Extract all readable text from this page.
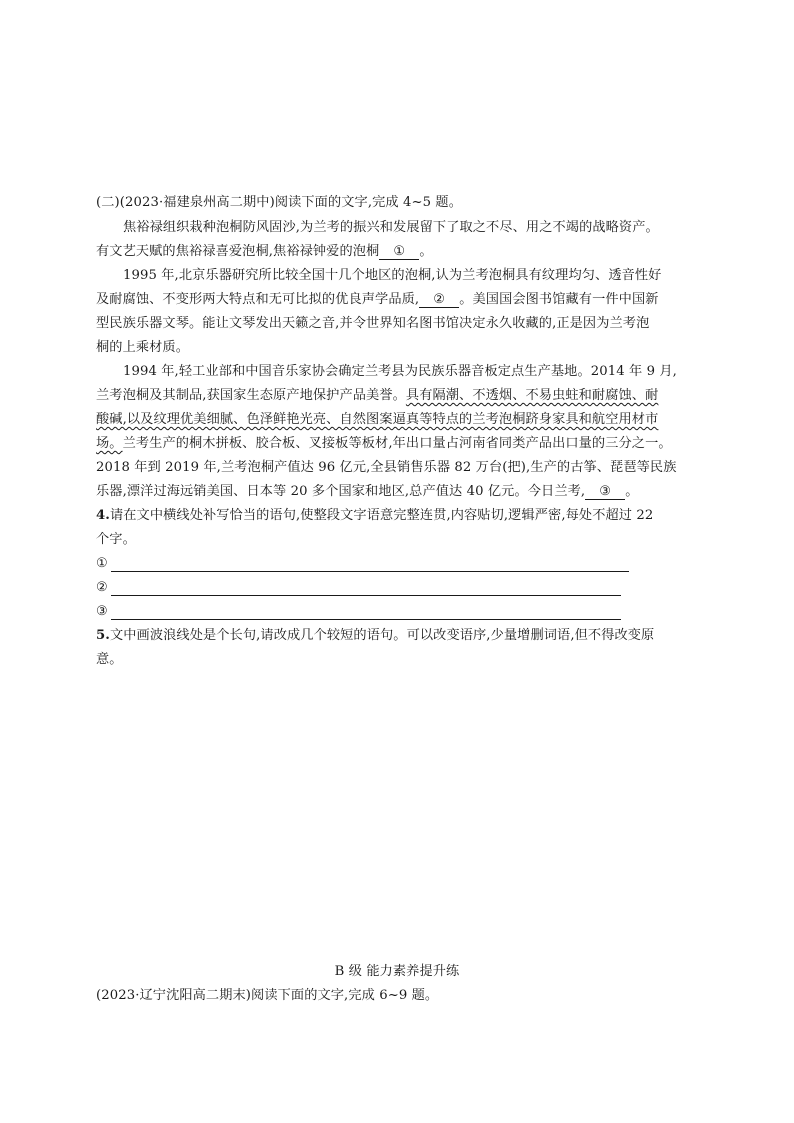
(二)(2023·福建泉州高二期中)阅读下面的文字,完成 4~5 题。
焦裕禄组织栽种泡桐防风固沙,为兰考的振兴和发展留下了取之不尽、用之不竭的战略资产。
有文艺天赋的焦裕禄喜爱泡桐,焦裕禄钟爱的泡桐 ① 。
1995 年,北京乐器研究所比较全国十几个地区的泡桐,认为兰考泡桐具有纹理均匀、透音性好
及耐腐蚀、不变形两大特点和无可比拟的优良声学品质, ② 。美国国会图书馆藏有一件中国新
型民族乐器文琴。能让文琴发出天籁之音,并令世界知名图书馆决定永久收藏的,正是因为兰考泡
桐的上乘材质。
1994 年,轻工业部和中国音乐家协会确定兰考县为民族乐器音板定点生产基地。2014 年 9 月,
兰考泡桐及其制品,获国家生态原产地保护产品美誉。具有隔潮、不透烟、不易虫蛀和耐腐蚀、耐
酸碱,以及纹理优美细腻、色泽鲜艳光亮、自然图案逼真等特点的兰考泡桐跻身家具和航空用材市
场。兰考生产的桐木拼板、胶合板、叉接板等板材,年出口量占河南省同类产品出口量的三分之一。
2018 年到 2019 年,兰考泡桐产值达 96 亿元,全县销售乐器 82 万台(把),生产的古筝、琵琶等民族
乐器,漂洋过海远销美国、日本等 20 多个国家和地区,总产值达 40 亿元。今日兰考, ③ 。
4.请在文中横线处补写恰当的语句,使整段文字语意完整连贯,内容贴切,逻辑严密,每处不超过 22
个字。
①
②
③
5.文中画波浪线处是个长句,请改成几个较短的语句。可以改变语序,少量增删词语,但不得改变原
意。
B 级 能力素养提升练
(2023·辽宁沈阳高二期末)阅读下面的文字,完成 6~9 题。
